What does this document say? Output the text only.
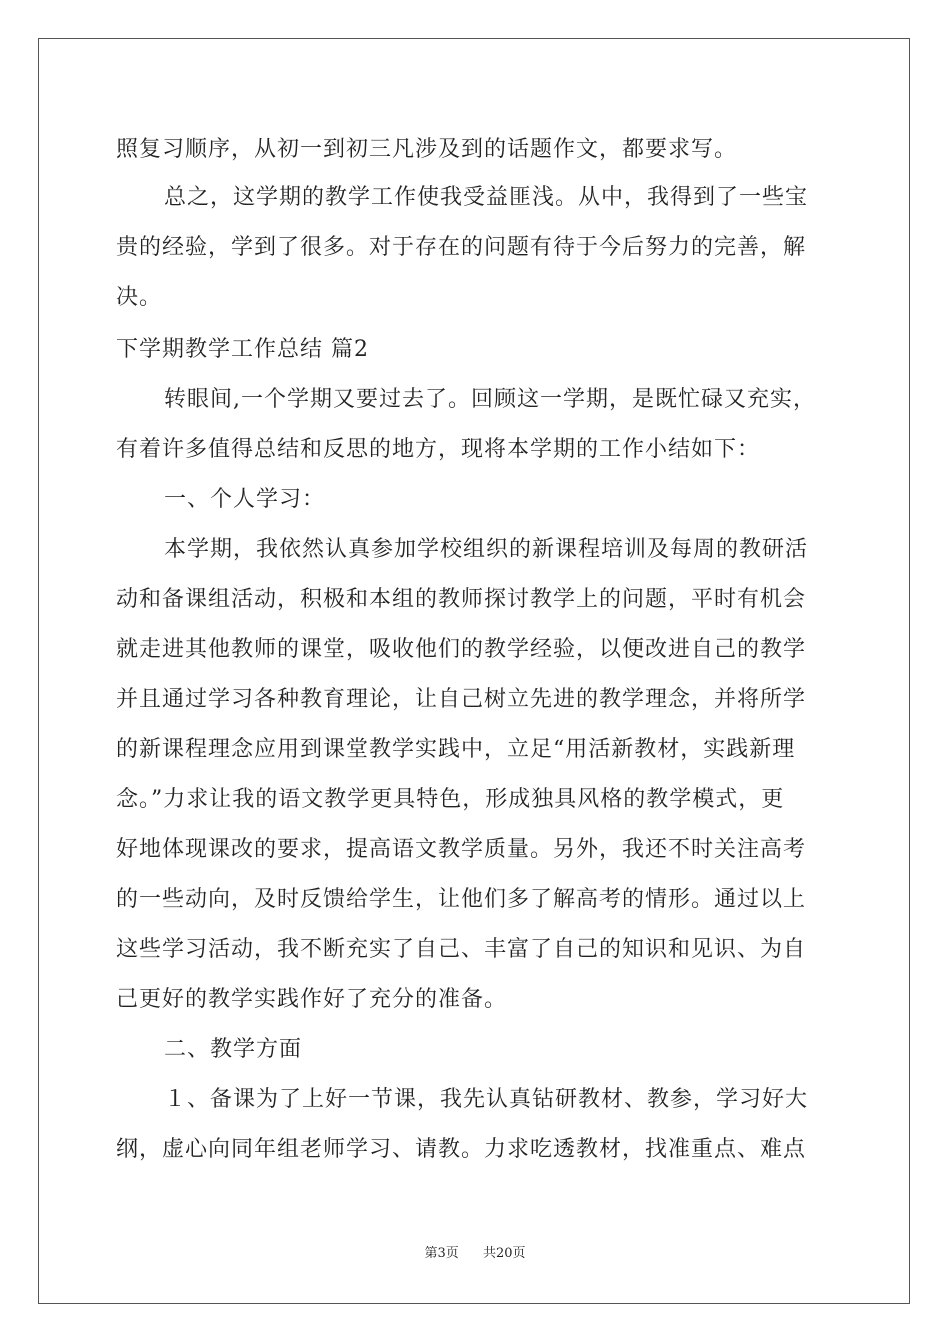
照复习顺序，从初一到初三凡涉及到的话题作文，都要求写。
总之，这学期的教学工作使我受益匪浅。从中，我得到了一些宝
贵的经验，学到了很多。对于存在的问题有待于今后努力的完善，解
决。
下学期教学工作总结 篇2
转眼间,一个学期又要过去了。回顾这一学期，是既忙碌又充实，
有着许多值得总结和反思的地方，现将本学期的工作小结如下：
一、个人学习：
本学期，我依然认真参加学校组织的新课程培训及每周的教研活
动和备课组活动，积极和本组的教师探讨教学上的问题，平时有机会
就走进其他教师的课堂，吸收他们的教学经验，以便改进自己的教学
并且通过学习各种教育理论，让自己树立先进的教学理念，并将所学
的新课程理念应用到课堂教学实践中，立足“用活新教材，实践新理
念。”力求让我的语文教学更具特色，形成独具风格的教学模式，更
好地体现课改的要求，提高语文教学质量。另外，我还不时关注高考
的一些动向，及时反馈给学生，让他们多了解高考的情形。通过以上
这些学习活动，我不断充实了自己、丰富了自己的知识和见识、为自
己更好的教学实践作好了充分的准备。
二、教学方面
１、备课为了上好一节课，我先认真钻研教材、教参，学习好大
纲，虚心向同年组老师学习、请教。力求吃透教材，找准重点、难点
第3页 共20页
